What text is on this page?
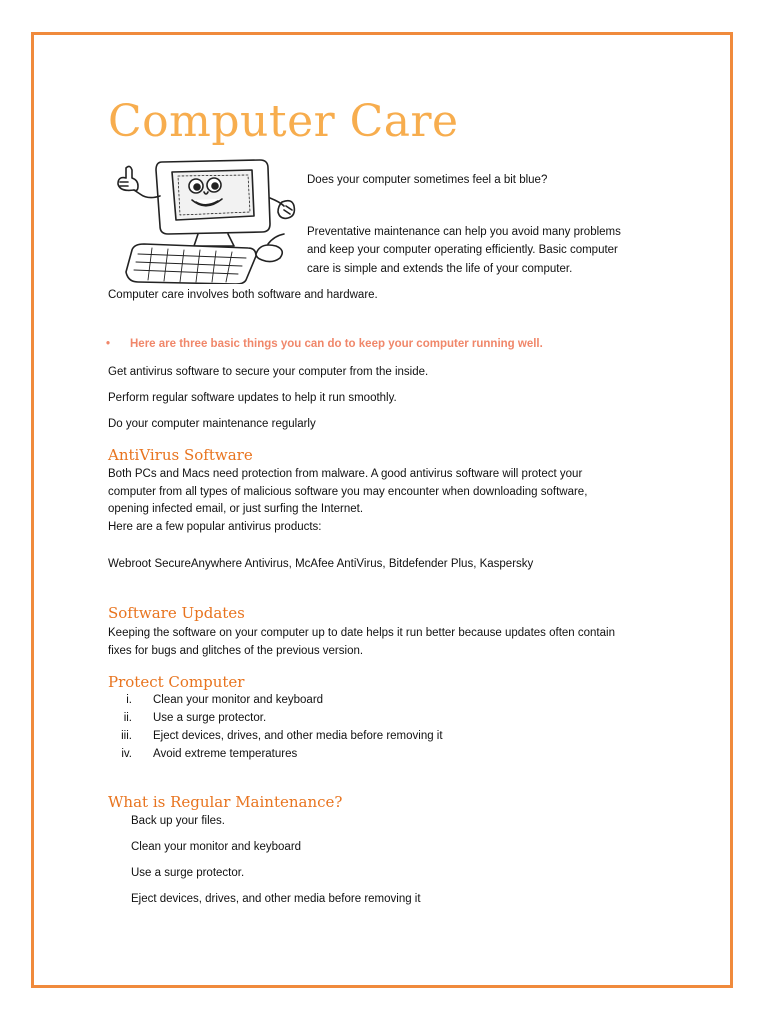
Computer Care
Does your computer sometimes feel a bit blue?
Preventative maintenance can help you avoid many problems
and keep your computer operating efficiently. Basic computer
care is simple and extends the life of your computer.
Computer care involves both software and hardware.
• Here are three basic things you can do to keep your computer running well.
Get antivirus software to secure your computer from the inside.
Perform regular software updates to help it run smoothly.
Do your computer maintenance regularly
AntiVirus Software
Both PCs and Macs need protection from malware. A good antivirus software will protect your
computer from all types of malicious software you may encounter when downloading software,
opening infected email, or just surfing the Internet.
Here are a few popular antivirus products:
Webroot SecureAnywhere Antivirus, McAfee AntiVirus, Bitdefender Plus, Kaspersky
Software Updates
Keeping the software on your computer up to date helps it run better because updates often contain
fixes for bugs and glitches of the previous version.
Protect Computer
i. Clean your monitor and keyboard
ii. Use a surge protector.
iii. Eject devices, drives, and other media before removing it
iv. Avoid extreme temperatures
What is Regular Maintenance?
Back up your files.
Clean your monitor and keyboard
Use a surge protector.
Eject devices, drives, and other media before removing it
